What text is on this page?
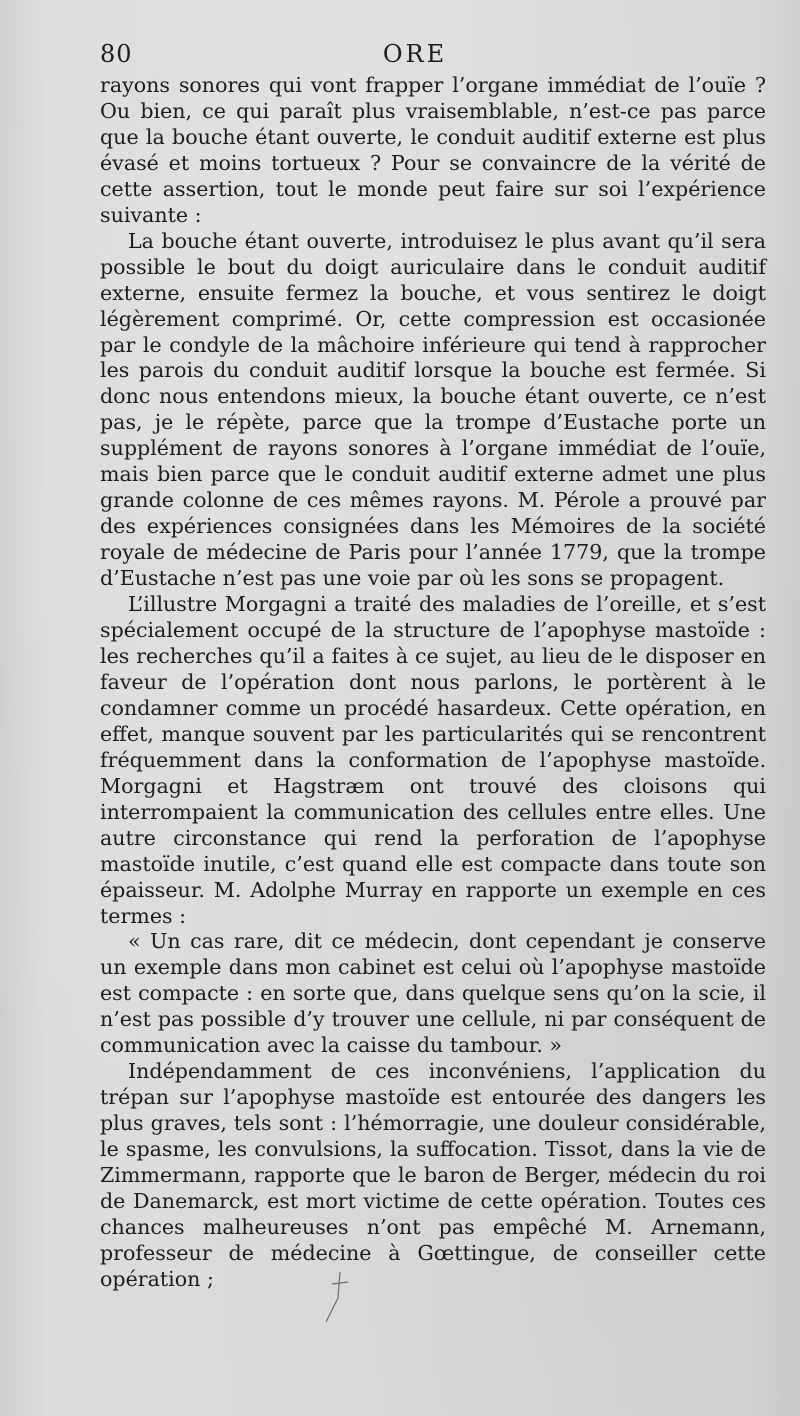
80	ORE

rayons sonores qui vont frapper l’organe immédiat de l’ouïe ? Ou bien, ce qui paraît plus vraisemblable, n’est-ce pas parce que la bouche étant ouverte, le conduit auditif externe est plus évasé et moins tortueux ? Pour se convaincre de la vérité de cette assertion, tout le monde peut faire sur soi l’expérience suivante :

La bouche étant ouverte, introduisez le plus avant qu’il sera possible le bout du doigt auriculaire dans le conduit auditif externe, ensuite fermez la bouche, et vous sentirez le doigt légèrement comprimé. Or, cette compression est occasionée par le condyle de la mâchoire inférieure qui tend à rapprocher les parois du conduit auditif lorsque la bouche est fermée. Si donc nous entendons mieux, la bouche étant ouverte, ce n’est pas, je le répète, parce que la trompe d’Eustache porte un supplément de rayons sonores à l’organe immédiat de l’ouïe, mais bien parce que le conduit auditif externe admet une plus grande colonne de ces mêmes rayons. M. Pérole a prouvé par des expériences consignées dans les Mémoires de la société royale de médecine de Paris pour l’année 1779, que la trompe d’Eustache n’est pas une voie par où les sons se propagent.

L’illustre Morgagni a traité des maladies de l’oreille, et s’est spécialement occupé de la structure de l’apophyse mastoïde : les recherches qu’il a faites à ce sujet, au lieu de le disposer en faveur de l’opération dont nous parlons, le portèrent à le condamner comme un procédé hasardeux. Cette opération, en effet, manque souvent par les particularités qui se rencontrent fréquemment dans la conformation de l’apophyse mastoïde. Morgagni et Hagstræm ont trouvé des cloisons qui interrompaient la communication des cellules entre elles. Une autre circonstance qui rend la perforation de l’apophyse mastoïde inutile, c’est quand elle est compacte dans toute son épaisseur. M. Adolphe Murray en rapporte un exemple en ces termes :

« Un cas rare, dit ce médecin, dont cependant je conserve un exemple dans mon cabinet est celui où l’apophyse mastoïde est compacte : en sorte que, dans quelque sens qu’on la scie, il n’est pas possible d’y trouver une cellule, ni par conséquent de communication avec la caisse du tambour. »

Indépendamment de ces inconvéniens, l’application du trépan sur l’apophyse mastoïde est entourée des dangers les plus graves, tels sont : l’hémorragie, une douleur considérable, le spasme, les convulsions, la suffocation. Tissot, dans la vie de Zimmermann, rapporte que le baron de Berger, médecin du roi de Danemarck, est mort victime de cette opération. Toutes ces chances malheureuses n’ont pas empêché M. Arnemann, professeur de médecine à Gœttingue, de conseiller cette opération ;
